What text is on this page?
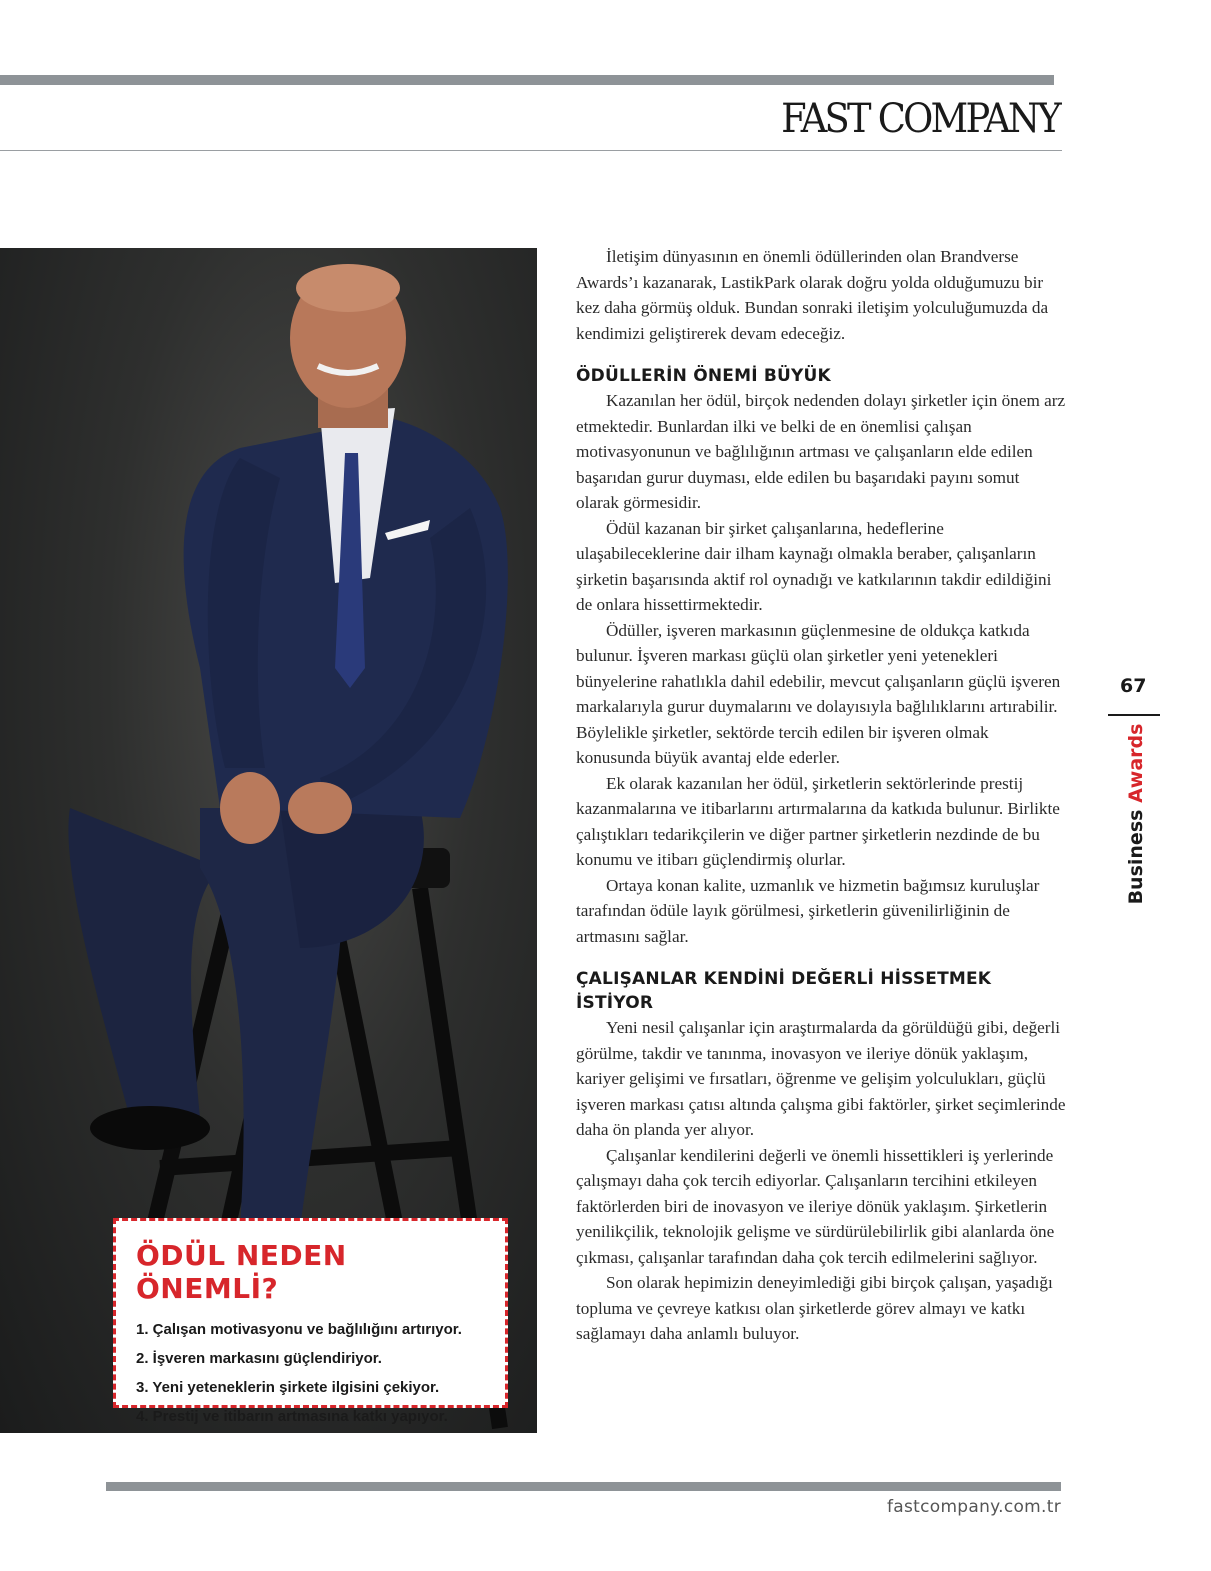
FAST COMPANY
ÖDÜL NEDEN ÖNEMLİ?
1. Çalışan motivasyonu ve bağlılığını artırıyor.
2. İşveren markasını güçlendiriyor.
3. Yeni yeteneklerin şirkete ilgisini çekiyor.
4. Prestij ve itibarın artmasına katkı yapıyor.

İletişim dünyasının en önemli ödüllerinden olan Brandverse Awards’ı kazanarak, LastikPark olarak doğru yolda olduğumuzu bir kez daha görmüş olduk. Bundan sonraki iletişim yolculuğumuzda da kendimizi geliştirerek devam edeceğiz.

ÖDÜLLERİN ÖNEMİ BÜYÜK

Kazanılan her ödül, birçok nedenden dolayı şirketler için önem arz etmektedir. Bunlardan ilki ve belki de en önemlisi çalışan motivasyonunun ve bağlılığının artması ve çalışanların elde edilen başarıdan gurur duyması, elde edilen bu başarıdaki payını somut olarak görmesidir.

Ödül kazanan bir şirket çalışanlarına, hedeflerine ulaşabileceklerine dair ilham kaynağı olmakla beraber, çalışanların şirketin başarısında aktif rol oynadığı ve katkılarının takdir edildiğini de onlara hissettirmektedir.

Ödüller, işveren markasının güçlenmesine de oldukça katkıda bulunur. İşveren markası güçlü olan şirketler yeni yetenekleri bünyelerine rahatlıkla dahil edebilir, mevcut çalışanların güçlü işveren markalarıyla gurur duymalarını ve dolayısıyla bağlılıklarını artırabilir. Böylelikle şirketler, sektörde tercih edilen bir işveren olmak konusunda büyük avantaj elde ederler.

Ek olarak kazanılan her ödül, şirketlerin sektörlerinde prestij kazanmalarına ve itibarlarını artırmalarına da katkıda bulunur. Birlikte çalıştıkları tedarikçilerin ve diğer partner şirketlerin nezdinde de bu konumu ve itibarı güçlendirmiş olurlar.

Ortaya konan kalite, uzmanlık ve hizmetin bağımsız kuruluşlar tarafından ödüle layık görülmesi, şirketlerin güvenilirliğinin de artmasını sağlar.

ÇALIŞANLAR KENDİNİ DEĞERLİ HİSSETMEK İSTİYOR

Yeni nesil çalışanlar için araştırmalarda da görüldüğü gibi, değerli görülme, takdir ve tanınma, inovasyon ve ileriye dönük yaklaşım, kariyer gelişimi ve fırsatları, öğrenme ve gelişim yolculukları, güçlü işveren markası çatısı altında çalışma gibi faktörler, şirket seçimlerinde daha ön planda yer alıyor.

Çalışanlar kendilerini değerli ve önemli hissettikleri iş yerlerinde çalışmayı daha çok tercih ediyorlar. Çalışanların tercihini etkileyen faktörlerden biri de inovasyon ve ileriye dönük yaklaşım. Şirketlerin yenilikçilik, teknolojik gelişme ve sürdürülebilirlik gibi alanlarda öne çıkması, çalışanlar tarafından daha çok tercih edilmelerini sağlıyor.

Son olarak hepimizin deneyimlediği gibi birçok çalışan, yaşadığı topluma ve çevreye katkısı olan şirketlerde görev almayı ve katkı sağlamayı daha anlamlı buluyor.

67
Business Awards
fastcompany.com.tr
